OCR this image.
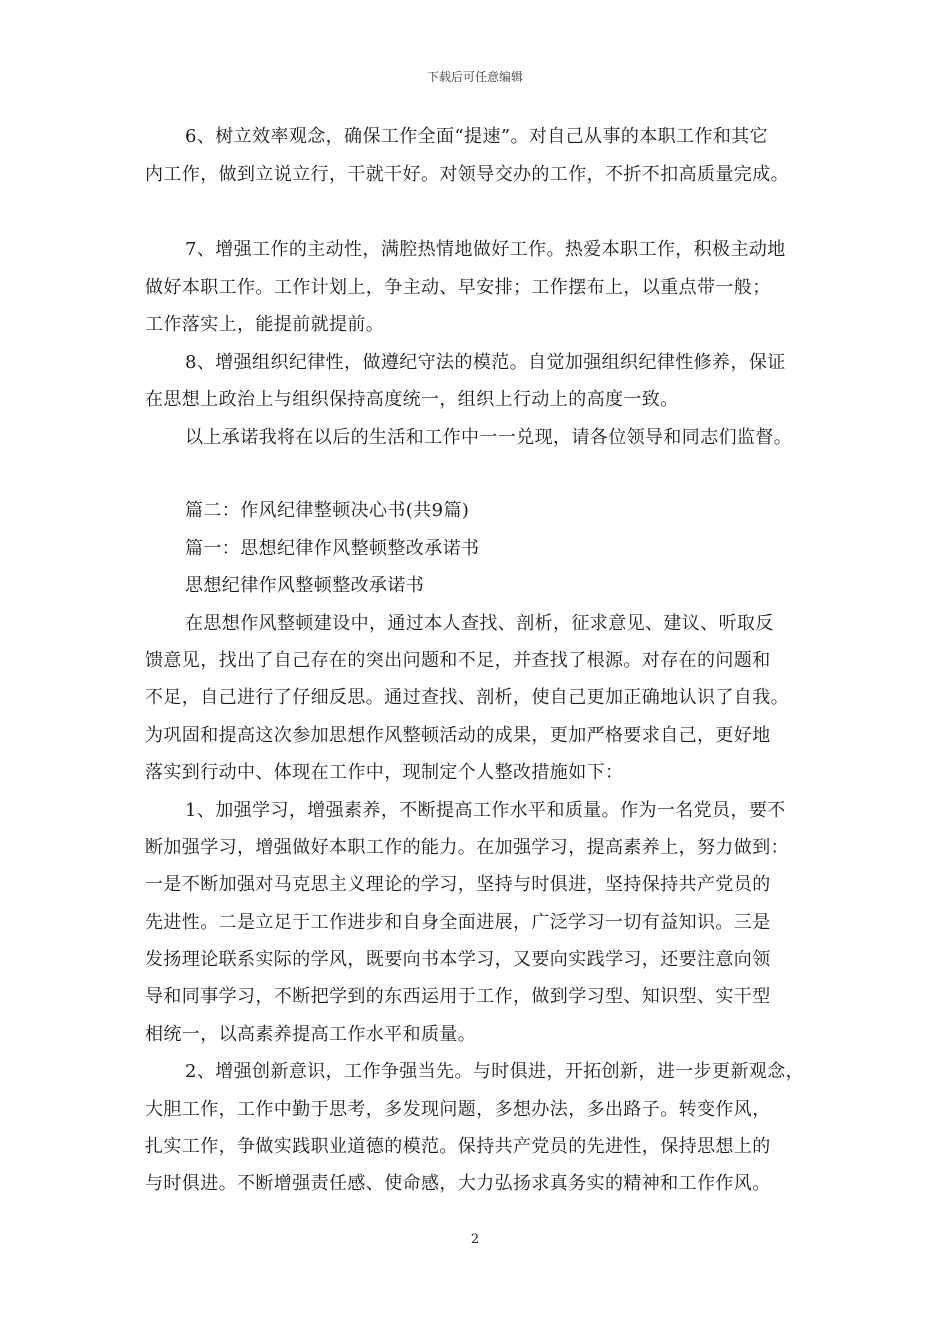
下载后可任意编辑
6、树立效率观念，确保工作全面“提速”。对自己从事的本职工作和其它
内工作，做到立说立行，干就干好。对领导交办的工作，不折不扣高质量完成。
7、增强工作的主动性，满腔热情地做好工作。热爱本职工作，积极主动地
做好本职工作。工作计划上，争主动、早安排；工作摆布上，以重点带一般；
工作落实上，能提前就提前。
8、增强组织纪律性，做遵纪守法的模范。自觉加强组织纪律性修养，保证
在思想上政治上与组织保持高度统一，组织上行动上的高度一致。
以上承诺我将在以后的生活和工作中一一兑现，请各位领导和同志们监督。
篇二：作风纪律整顿决心书(共9篇)
篇一：思想纪律作风整顿整改承诺书
思想纪律作风整顿整改承诺书
在思想作风整顿建设中，通过本人查找、剖析，征求意见、建议、听取反
馈意见，找出了自己存在的突出问题和不足，并查找了根源。对存在的问题和
不足，自己进行了仔细反思。通过查找、剖析，使自己更加正确地认识了自我。
为巩固和提高这次参加思想作风整顿活动的成果，更加严格要求自己，更好地
落实到行动中、体现在工作中，现制定个人整改措施如下：
1、加强学习，增强素养，不断提高工作水平和质量。作为一名党员，要不
断加强学习，增强做好本职工作的能力。在加强学习，提高素养上，努力做到：
一是不断加强对马克思主义理论的学习，坚持与时俱进，坚持保持共产党员的
先进性。二是立足于工作进步和自身全面进展，广泛学习一切有益知识。三是
发扬理论联系实际的学风，既要向书本学习，又要向实践学习，还要注意向领
导和同事学习，不断把学到的东西运用于工作，做到学习型、知识型、实干型
相统一，以高素养提高工作水平和质量。
2、增强创新意识，工作争强当先。与时俱进，开拓创新，进一步更新观念，
大胆工作，工作中勤于思考，多发现问题，多想办法，多出路子。转变作风，
扎实工作，争做实践职业道德的模范。保持共产党员的先进性，保持思想上的
与时俱进。不断增强责任感、使命感，大力弘扬求真务实的精神和工作作风。
2
